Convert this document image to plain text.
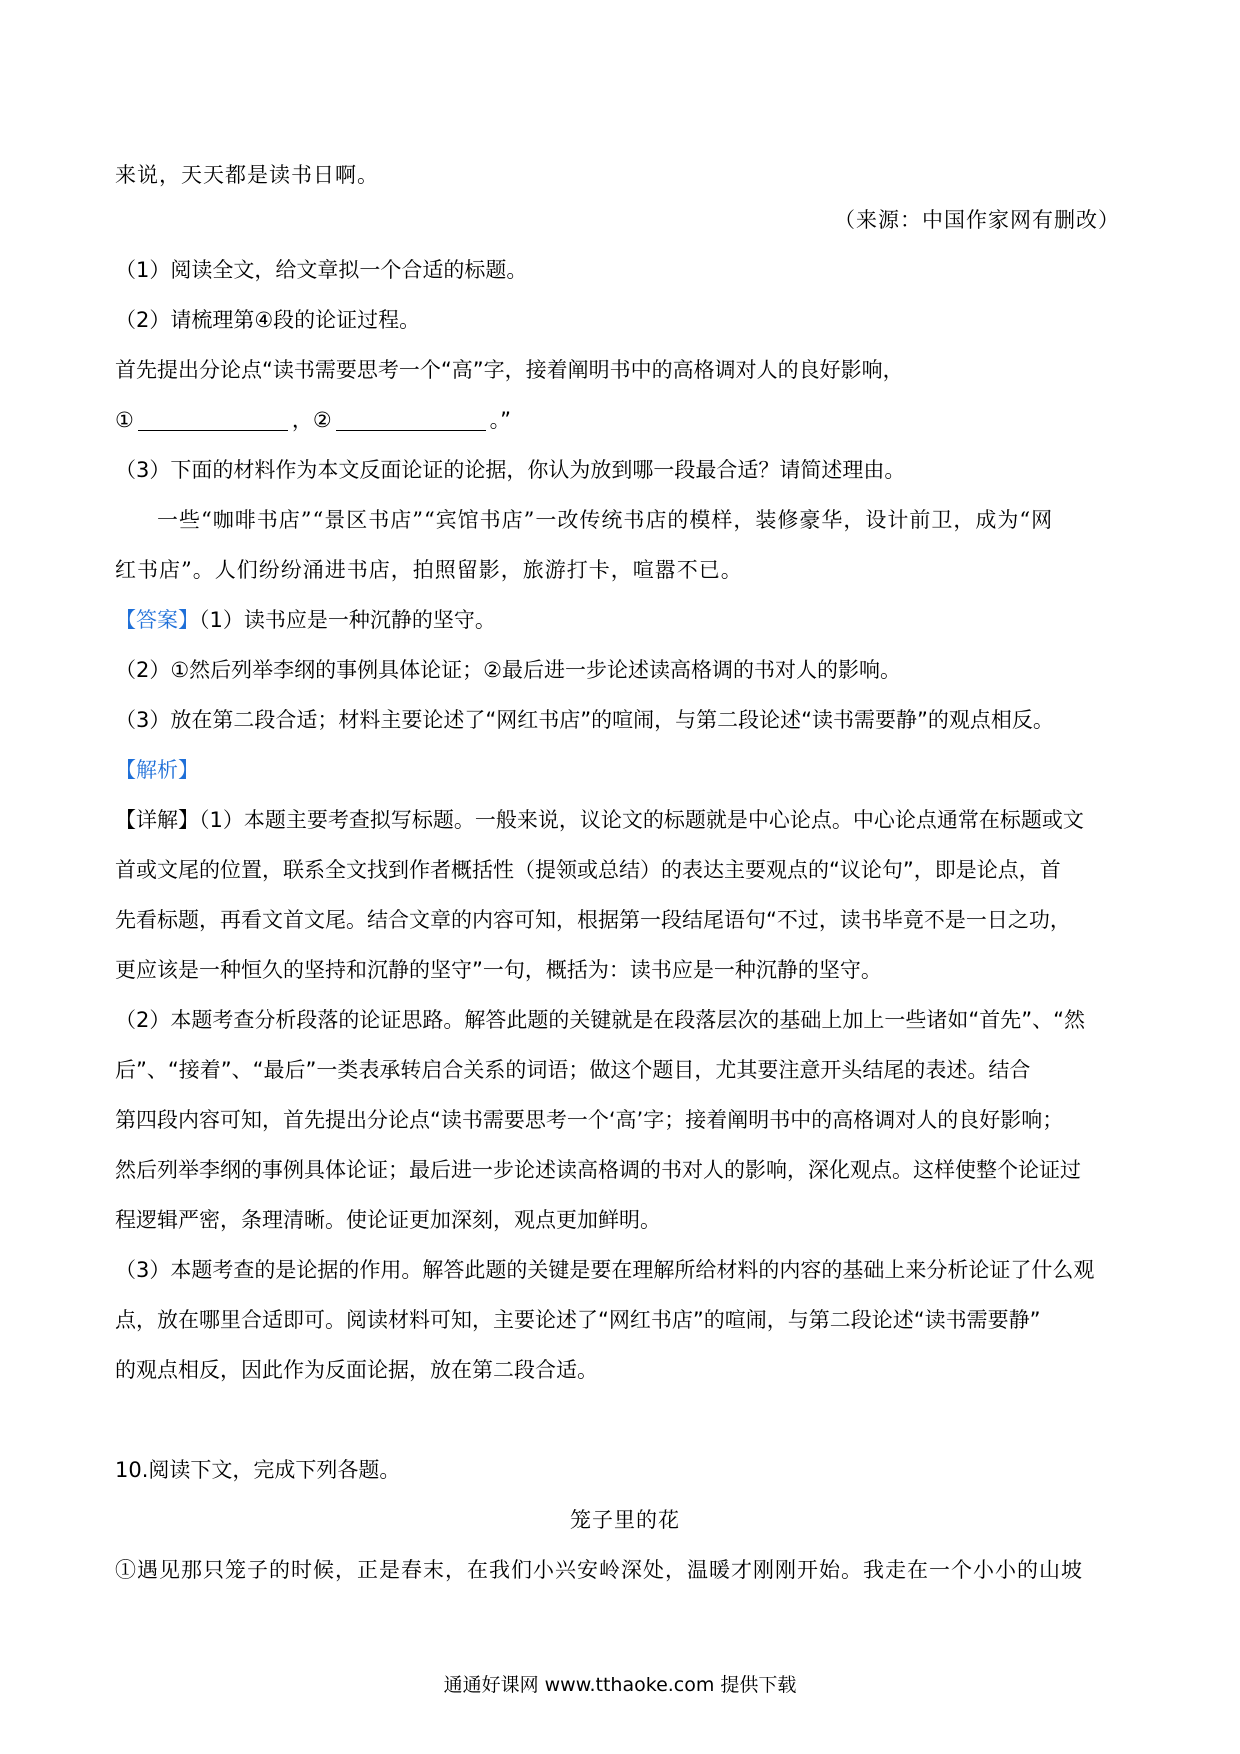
来说，天天都是读书日啊。
（来源：中国作家网有删改）
（1）阅读全文，给文章拟一个合适的标题。
（2）请梳理第④段的论证过程。
首先提出分论点“读书需要思考一个“高”字，接着阐明书中的高格调对人的良好影响，
①	，②	。”
（3）下面的材料作为本文反面论证的论据，你认为放到哪一段最合适？请简述理由。
一些“咖啡书店”“景区书店”“宾馆书店”一改传统书店的模样，装修豪华，设计前卫，成为“网
红书店”。人们纷纷涌进书店，拍照留影，旅游打卡，喧嚣不已。
【答案】（1）读书应是一种沉静的坚守。
（2）①然后列举李纲的事例具体论证；②最后进一步论述读高格调的书对人的影响。
（3）放在第二段合适；材料主要论述了“网红书店”的喧闹，与第二段论述“读书需要静”的观点相反。
【解析】
【详解】（1）本题主要考查拟写标题。一般来说，议论文的标题就是中心论点。中心论点通常在标题或文
首或文尾的位置，联系全文找到作者概括性（提领或总结）的表达主要观点的“议论句”，即是论点，首
先看标题，再看文首文尾。结合文章的内容可知，根据第一段结尾语句“不过，读书毕竟不是一日之功，
更应该是一种恒久的坚持和沉静的坚守”一句，概括为：读书应是一种沉静的坚守。
（2）本题考查分析段落的论证思路。解答此题的关键就是在段落层次的基础上加上一些诸如“首先”、“然
后”、“接着”、“最后”一类表承转启合关系的词语；做这个题目，尤其要注意开头结尾的表述。结合
第四段内容可知，首先提出分论点“读书需要思考一个‘高’字；接着阐明书中的高格调对人的良好影响；
然后列举李纲的事例具体论证；最后进一步论述读高格调的书对人的影响，深化观点。这样使整个论证过
程逻辑严密，条理清晰。使论证更加深刻，观点更加鲜明。
（3）本题考查的是论据的作用。解答此题的关键是要在理解所给材料的内容的基础上来分析论证了什么观
点，放在哪里合适即可。阅读材料可知，主要论述了“网红书店”的喧闹，与第二段论述“读书需要静”
的观点相反，因此作为反面论据，放在第二段合适。
10.阅读下文，完成下列各题。
笼子里的花
①遇见那只笼子的时候，正是春末，在我们小兴安岭深处，温暖才刚刚开始。我走在一个小小的山坡
通通好课网 www.tthaoke.com 提供下载
